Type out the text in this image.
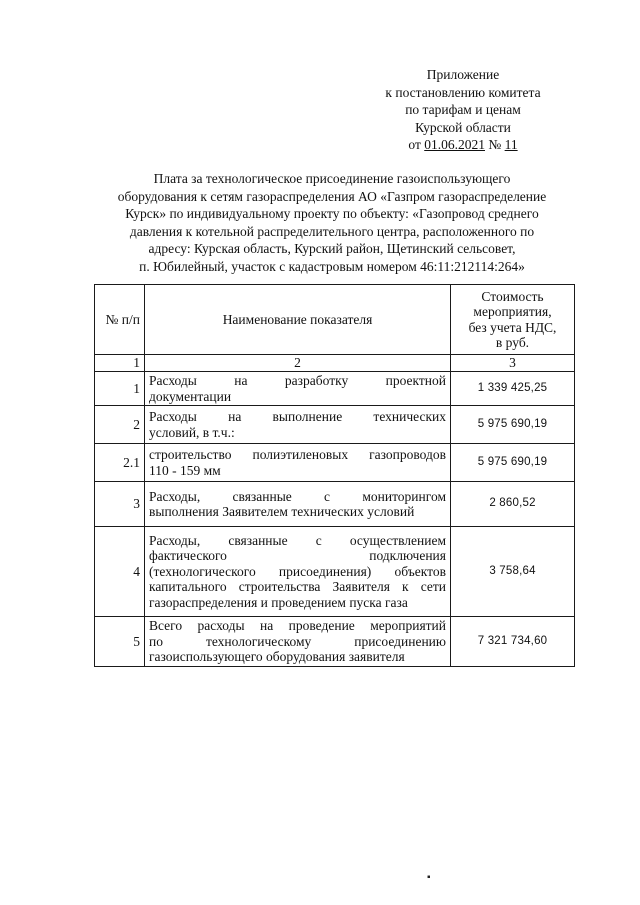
Приложение
к постановлению комитета
по тарифам и ценам
Курской области
от 01.06.2021 № 11
Плата за технологическое присоединение газоиспользующего
оборудования к сетям газораспределения АО «Газпром газораспределение
Курск» по индивидуальному проекту по объекту: «Газопровод среднего
давления к котельной распределительного центра, расположенного по
адресу: Курская область, Курский район, Щетинский сельсовет,
п. Юбилейный, участок с кадастровым номером 46:11:212114:264»
№ п/п	Наименование показателя	Стоимость
мероприятия,
без учета НДС,
в руб.

1	2	3
1	Расходы на разработку проектной
документации	1 339 425,25
2	Расходы на выполнение технических
условий, в т.ч.:	5 975 690,19
2.1	строительство полиэтиленовых газопроводов
110 - 159 мм	5 975 690,19
3	Расходы, связанные с мониторингом
выполнения Заявителем технических условий	2 860,52
4	Расходы, связанные с осуществлением
фактического подключения
(технологического присоединения) объектов
капитального строительства Заявителя к сети
газораспределения и проведением пуска газа	3 758,64
5	Всего расходы на проведение мероприятий
по технологическому присоединению
газоиспользующего оборудования заявителя	7 321 734,60
▪
